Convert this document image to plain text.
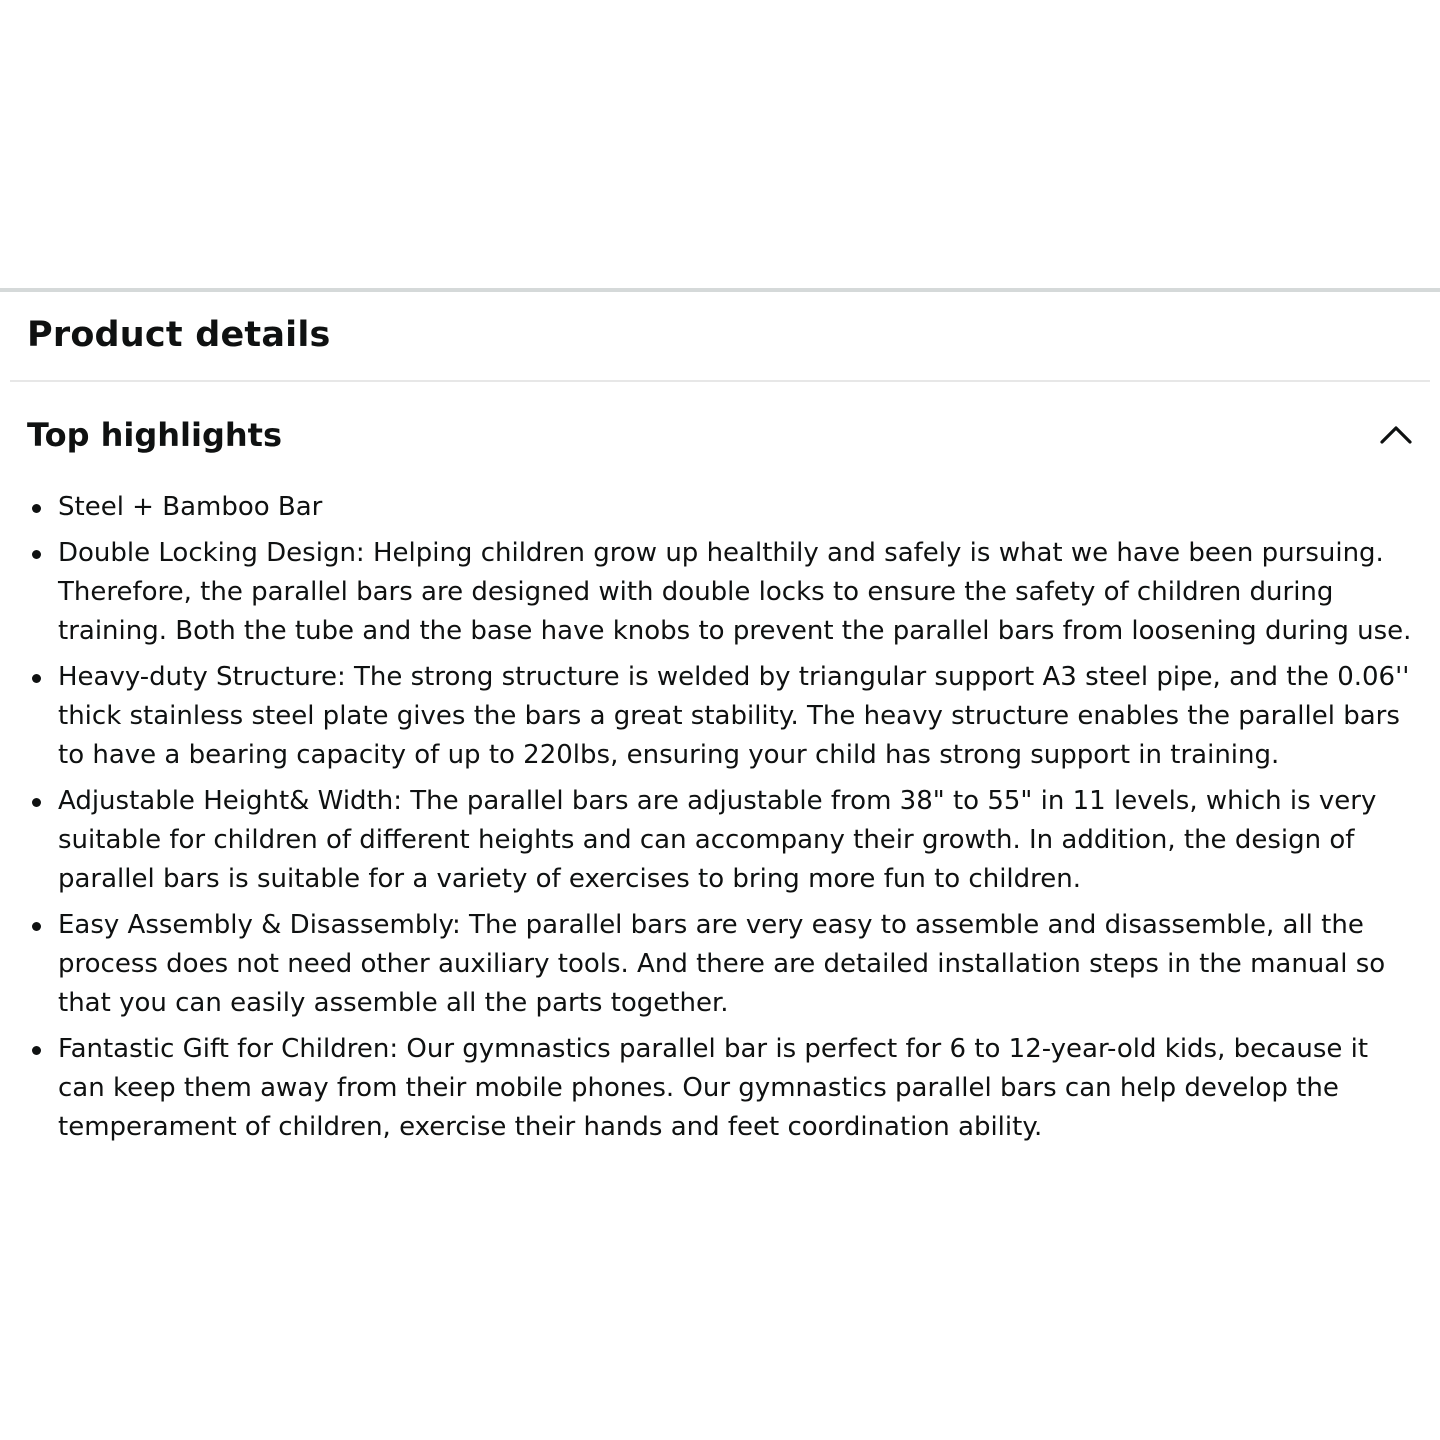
Product details
Top highlights
Steel + Bamboo Bar
Double Locking Design: Helping children grow up healthily and safely is what we have been pursuing. Therefore, the parallel bars are designed with double locks to ensure the safety of children during training. Both the tube and the base have knobs to prevent the parallel bars from loosening during use.
Heavy-duty Structure: The strong structure is welded by triangular support A3 steel pipe, and the 0.06'' thick stainless steel plate gives the bars a great stability. The heavy structure enables the parallel bars to have a bearing capacity of up to 220lbs, ensuring your child has strong support in training.
Adjustable Height& Width: The parallel bars are adjustable from 38" to 55" in 11 levels, which is very suitable for children of different heights and can accompany their growth. In addition, the design of parallel bars is suitable for a variety of exercises to bring more fun to children.
Easy Assembly & Disassembly: The parallel bars are very easy to assemble and disassemble, all the process does not need other auxiliary tools. And there are detailed installation steps in the manual so that you can easily assemble all the parts together.
Fantastic Gift for Children: Our gymnastics parallel bar is perfect for 6 to 12-year-old kids, because it can keep them away from their mobile phones. Our gymnastics parallel bars can help develop the temperament of children, exercise their hands and feet coordination ability.
